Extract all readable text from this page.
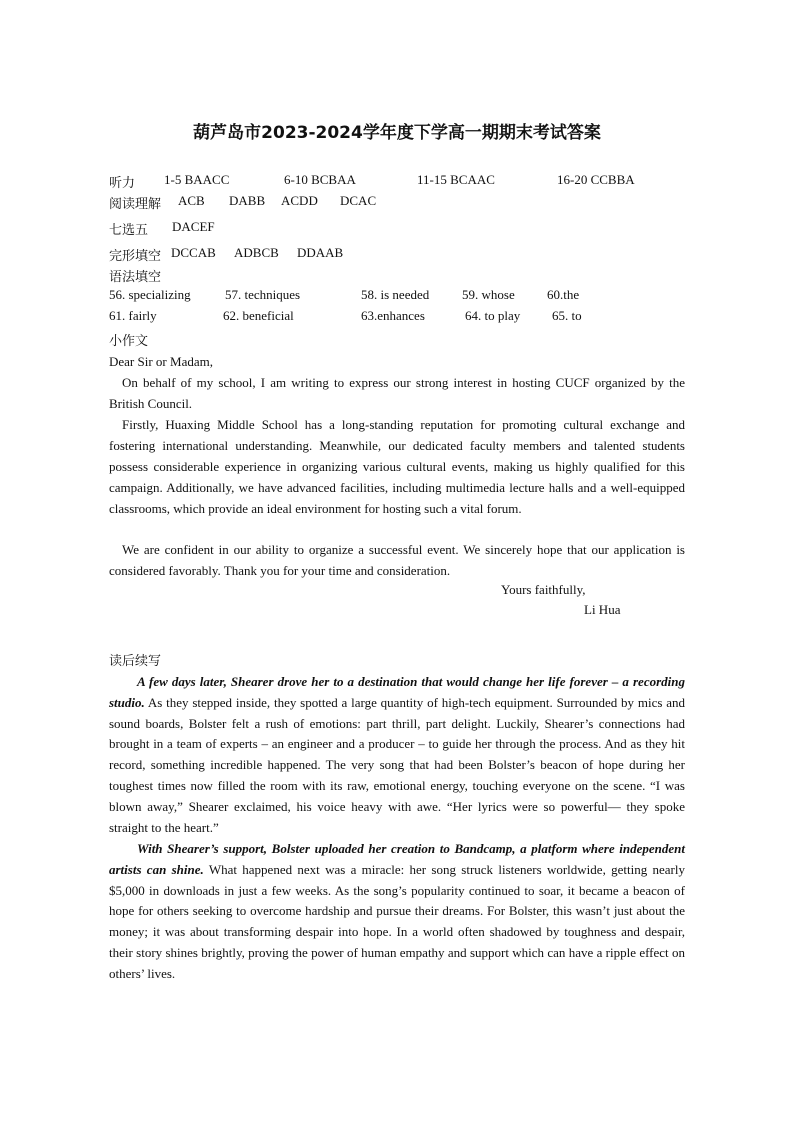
葫芦岛市2023-2024学年度下学高一期期末考试答案
听力 1-5 BAACC	6-10 BCBAA	11-15 BCAAC	16-20 CCBBA
阅读理解 ACB DABB ACDD DCAC
七选五 DACEF
完形填空 DCCAB ADBCB DDAAB
语法填空
56. specializing	57. techniques	58. is needed	59. whose 60.the
61. fairly	62. beneficial	63.enhances	64. to play 65. to
小作文
Dear Sir or Madam,
On behalf of my school, I am writing to express our strong interest in hosting CUCF organized by the British Council.
Firstly, Huaxing Middle School has a long-standing reputation for promoting cultural exchange and fostering international understanding. Meanwhile, our dedicated faculty members and talented students possess considerable experience in organizing various cultural events, making us highly qualified for this campaign. Additionally, we have advanced facilities, including multimedia lecture halls and a well-equipped classrooms, which provide an ideal environment for hosting such a vital forum.
We are confident in our ability to organize a successful event. We sincerely hope that our application is considered favorably. Thank you for your time and consideration.
Yours faithfully,
Li Hua
读后续写
A few days later, Shearer drove her to a destination that would change her life forever – a recording studio. As they stepped inside, they spotted a large quantity of high-tech equipment. Surrounded by mics and sound boards, Bolster felt a rush of emotions: part thrill, part delight. Luckily, Shearer’s connections had brought in a team of experts – an engineer and a producer – to guide her through the process. And as they hit record, something incredible happened. The very song that had been Bolster’s beacon of hope during her toughest times now filled the room with its raw, emotional energy, touching everyone on the scene. “I was blown away,” Shearer exclaimed, his voice heavy with awe. “Her lyrics were so powerful— they spoke straight to the heart.”
With Shearer’s support, Bolster uploaded her creation to Bandcamp, a platform where independent artists can shine. What happened next was a miracle: her song struck listeners worldwide, getting nearly $5,000 in downloads in just a few weeks. As the song’s popularity continued to soar, it became a beacon of hope for others seeking to overcome hardship and pursue their dreams. For Bolster, this wasn’t just about the money; it was about transforming despair into hope. In a world often shadowed by toughness and despair, their story shines brightly, proving the power of human empathy and support which can have a ripple effect on others’ lives.
